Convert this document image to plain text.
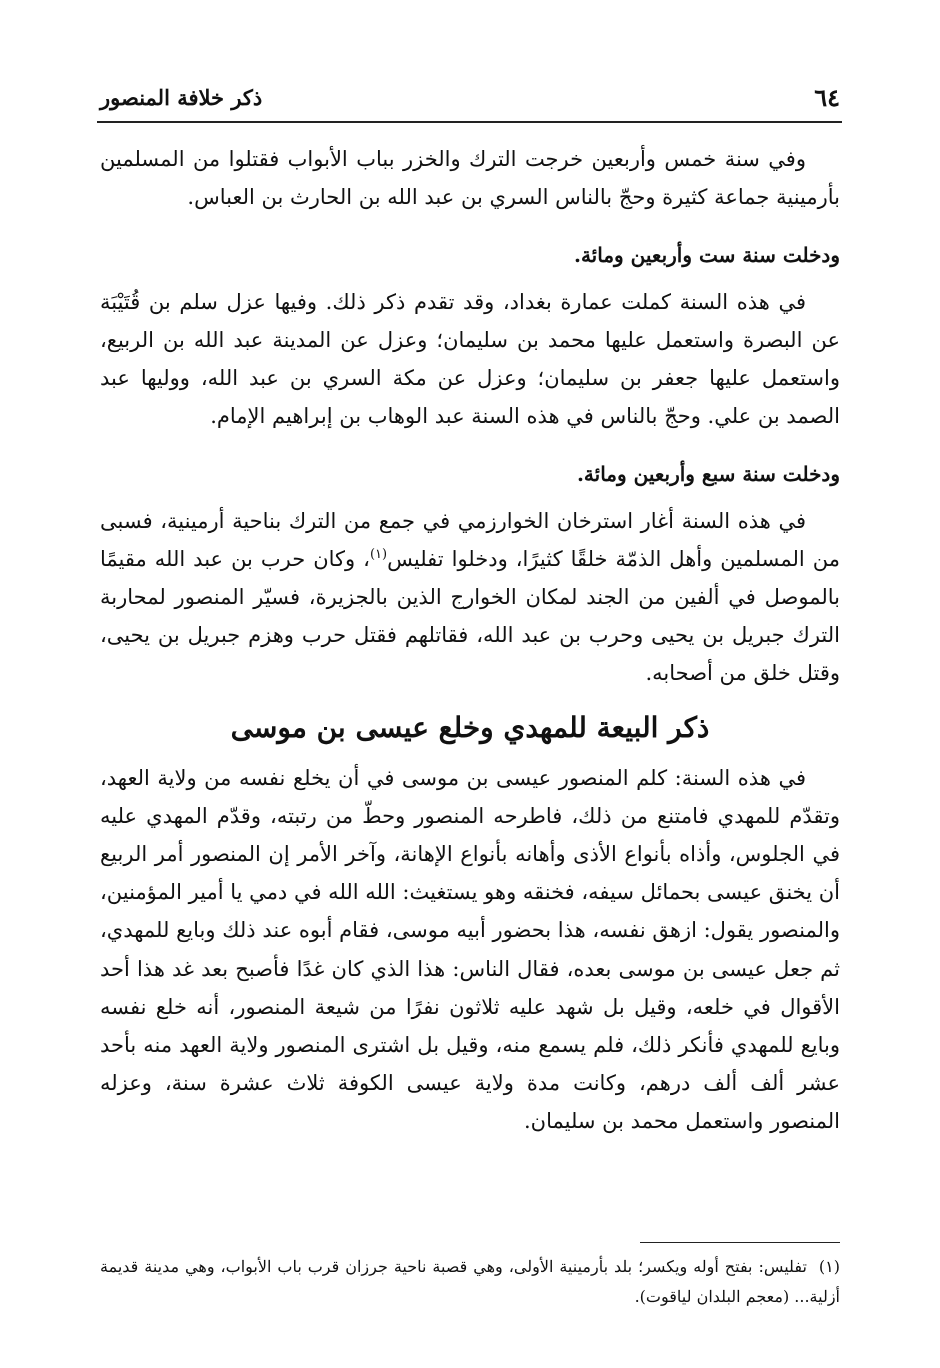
٦٤
ذكر خلافة المنصور

وفي سنة خمس وأربعين خرجت الترك والخزر بباب الأبواب فقتلوا من المسلمين بأرمينية جماعة كثيرة وحجّ بالناس السري بن عبد الله بن الحارث بن العباس.

ودخلت سنة ست وأربعين ومائة.

في هذه السنة كملت عمارة بغداد، وقد تقدم ذكر ذلك. وفيها عزل سلم بن قُتَيْبَة عن البصرة واستعمل عليها محمد بن سليمان؛ وعزل عن المدينة عبد الله بن الربيع، واستعمل عليها جعفر بن سليمان؛ وعزل عن مكة السري بن عبد الله، ووليها عبد الصمد بن علي. وحجّ بالناس في هذه السنة عبد الوهاب بن إبراهيم الإمام.

ودخلت سنة سبع وأربعين ومائة.

في هذه السنة أغار استرخان الخوارزمي في جمع من الترك بناحية أرمينية، فسبى من المسلمين وأهل الذمّة خلقًا كثيرًا، ودخلوا تفليس$^{(١)}$، وكان حرب بن عبد الله مقيمًا بالموصل في ألفين من الجند لمكان الخوارج الذين بالجزيرة، فسيّر المنصور لمحاربة الترك جبريل بن يحيى وحرب بن عبد الله، فقاتلهم فقتل حرب وهزم جبريل بن يحيى، وقتل خلق من أصحابه.

ذكر البيعة للمهدي وخلع عيسى بن موسى

في هذه السنة: كلم المنصور عيسى بن موسى في أن يخلع نفسه من ولاية العهد، وتقدّم للمهدي فامتنع من ذلك، فاطرحه المنصور وحطّ من رتبته، وقدّم المهدي عليه في الجلوس، وأذاه بأنواع الأذى وأهانه بأنواع الإهانة، وآخر الأمر إن المنصور أمر الربيع أن يخنق عيسى بحمائل سيفه، فخنقه وهو يستغيث: الله الله في دمي يا أمير المؤمنين، والمنصور يقول: ازهق نفسه، هذا بحضور أبيه موسى، فقام أبوه عند ذلك وبايع للمهدي، ثم جعل عيسى بن موسى بعده، فقال الناس: هذا الذي كان غدًا فأصبح بعد غد هذا أحد الأقوال في خلعه، وقيل بل شهد عليه ثلاثون نفرًا من شيعة المنصور، أنه خلع نفسه وبايع للمهدي فأنكر ذلك، فلم يسمع منه، وقيل بل اشترى المنصور ولاية العهد منه بأحد عشر ألف ألف درهم، وكانت مدة ولاية عيسى الكوفة ثلاث عشرة سنة، وعزله المنصور واستعمل محمد بن سليمان.

(١)تفليس: بفتح أوله ويكسر؛ بلد بأرمينية الأولى، وهي قصبة ناحية جرزان قرب باب الأبواب، وهي مدينة قديمة أزلية... (معجم البلدان لياقوت).
